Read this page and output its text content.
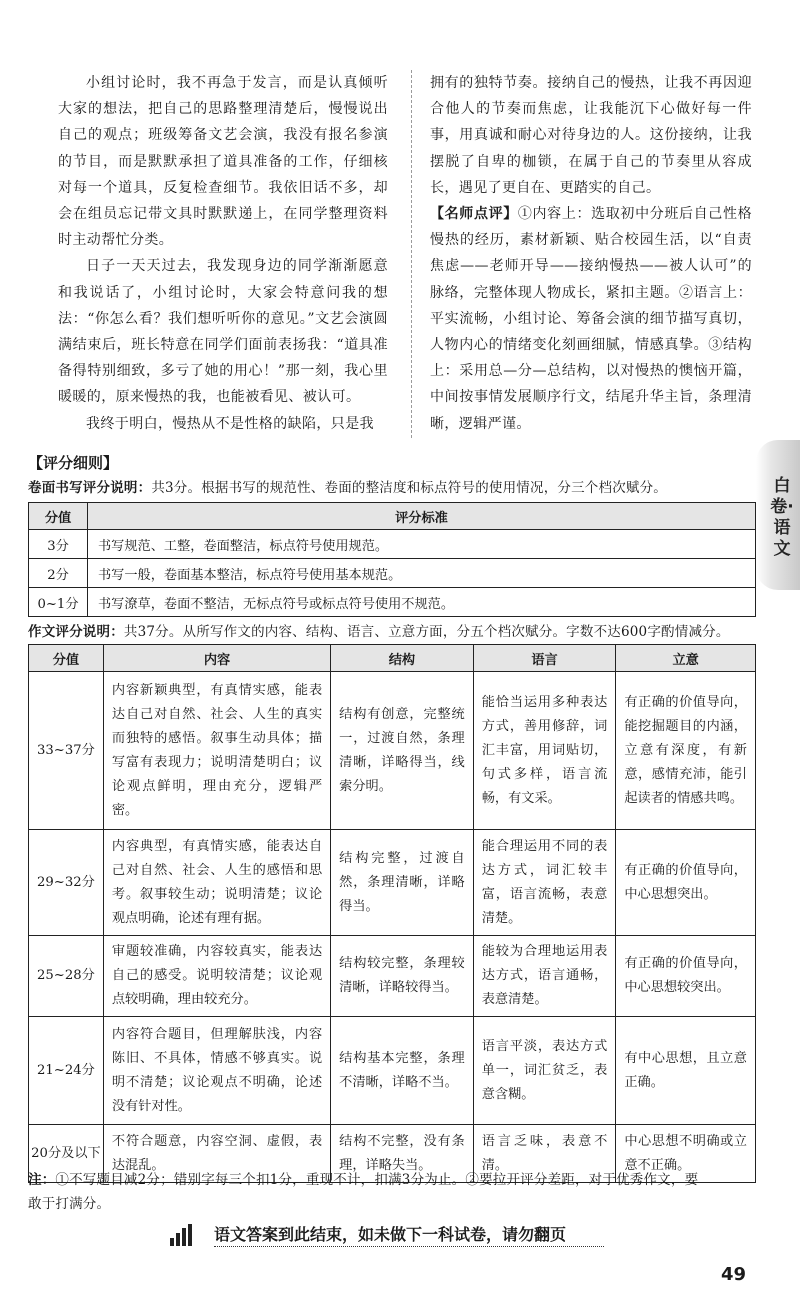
小组讨论时，我不再急于发言，而是认真倾听大家的想法，把自己的思路整理清楚后，慢慢说出自己的观点；班级筹备文艺会演，我没有报名参演的节目，而是默默承担了道具准备的工作，仔细核对每一个道具，反复检查细节。我依旧话不多，却会在组员忘记带文具时默默递上，在同学整理资料时主动帮忙分类。

日子一天天过去，我发现身边的同学渐渐愿意和我说话了，小组讨论时，大家会特意问我的想法：“你怎么看？我们想听听你的意见。”文艺会演圆满结束后，班长特意在同学们面前表扬我：“道具准备得特别细致，多亏了她的用心！”那一刻，我心里暖暖的，原来慢热的我，也能被看见、被认可。

我终于明白，慢热从不是性格的缺陷，只是我

拥有的独特节奏。接纳自己的慢热，让我不再因迎合他人的节奏而焦虑，让我能沉下心做好每一件事，用真诚和耐心对待身边的人。这份接纳，让我摆脱了自卑的枷锁，在属于自己的节奏里从容成长，遇见了更自在、更踏实的自己。

【名师点评】①内容上：选取初中分班后自己性格慢热的经历，素材新颖、贴合校园生活，以“自责焦虑——老师开导——接纳慢热——被人认可”的脉络，完整体现人物成长，紧扣主题。②语言上：平实流畅，小组讨论、筹备会演的细节描写真切，人物内心的情绪变化刻画细腻，情感真挚。③结构上：采用总—分—总结构，以对慢热的懊恼开篇，中间按事情发展顺序行文，结尾升华主旨，条理清晰，逻辑严谨。

白卷·语文
【评分细则】
卷面书写评分说明：共3分。根据书写的规范性、卷面的整洁度和标点符号的使用情况，分三个档次赋分。
分值	评分标准
3分	书写规范、工整，卷面整洁，标点符号使用规范。
2分	书写一般，卷面基本整洁，标点符号使用基本规范。
0~1分	书写潦草，卷面不整洁，无标点符号或标点符号使用不规范。
作文评分说明：共37分。从所写作文的内容、结构、语言、立意方面，分五个档次赋分。字数不达600字酌情减分。
分值	内容	结构	语言	立意
33~37分	内容新颖典型，有真情实感，能表达自己对自然、社会、人生的真实而独特的感悟。叙事生动具体；描写富有表现力；说明清楚明白；议论观点鲜明，理由充分，逻辑严密。	结构有创意，完整统一，过渡自然，条理清晰，详略得当，线索分明。	能恰当运用多种表达方式，善用修辞，词汇丰富，用词贴切，句式多样，语言流畅，有文采。	有正确的价值导向，能挖掘题目的内涵，立意有深度，有新意，感情充沛，能引起读者的情感共鸣。
29~32分	内容典型，有真情实感，能表达自己对自然、社会、人生的感悟和思考。叙事较生动；说明清楚；议论观点明确，论述有理有据。	结构完整，过渡自然，条理清晰，详略得当。	能合理运用不同的表达方式，词汇较丰富，语言流畅，表意清楚。	有正确的价值导向，中心思想突出。
25~28分	审题较准确，内容较真实，能表达自己的感受。说明较清楚；议论观点较明确，理由较充分。	结构较完整，条理较清晰，详略较得当。	能较为合理地运用表达方式，语言通畅，表意清楚。	有正确的价值导向，中心思想较突出。
21~24分	内容符合题目，但理解肤浅，内容陈旧、不具体，情感不够真实。说明不清楚；议论观点不明确，论述没有针对性。	结构基本完整，条理不清晰，详略不当。	语言平淡，表达方式单一，词汇贫乏，表意含糊。	有中心思想，且立意正确。
20分及以下	不符合题意，内容空洞、虚假，表达混乱。	结构不完整，没有条理，详略失当。	语言乏味，表意不清。	中心思想不明确或立意不正确。
注：①不写题目减2分；错别字每三个扣1分，重现不计，扣满3分为止。②要拉开评分差距，对于优秀作文，要
敢于打满分。
语文答案到此结束，如未做下一科试卷，请勿翻页
49
